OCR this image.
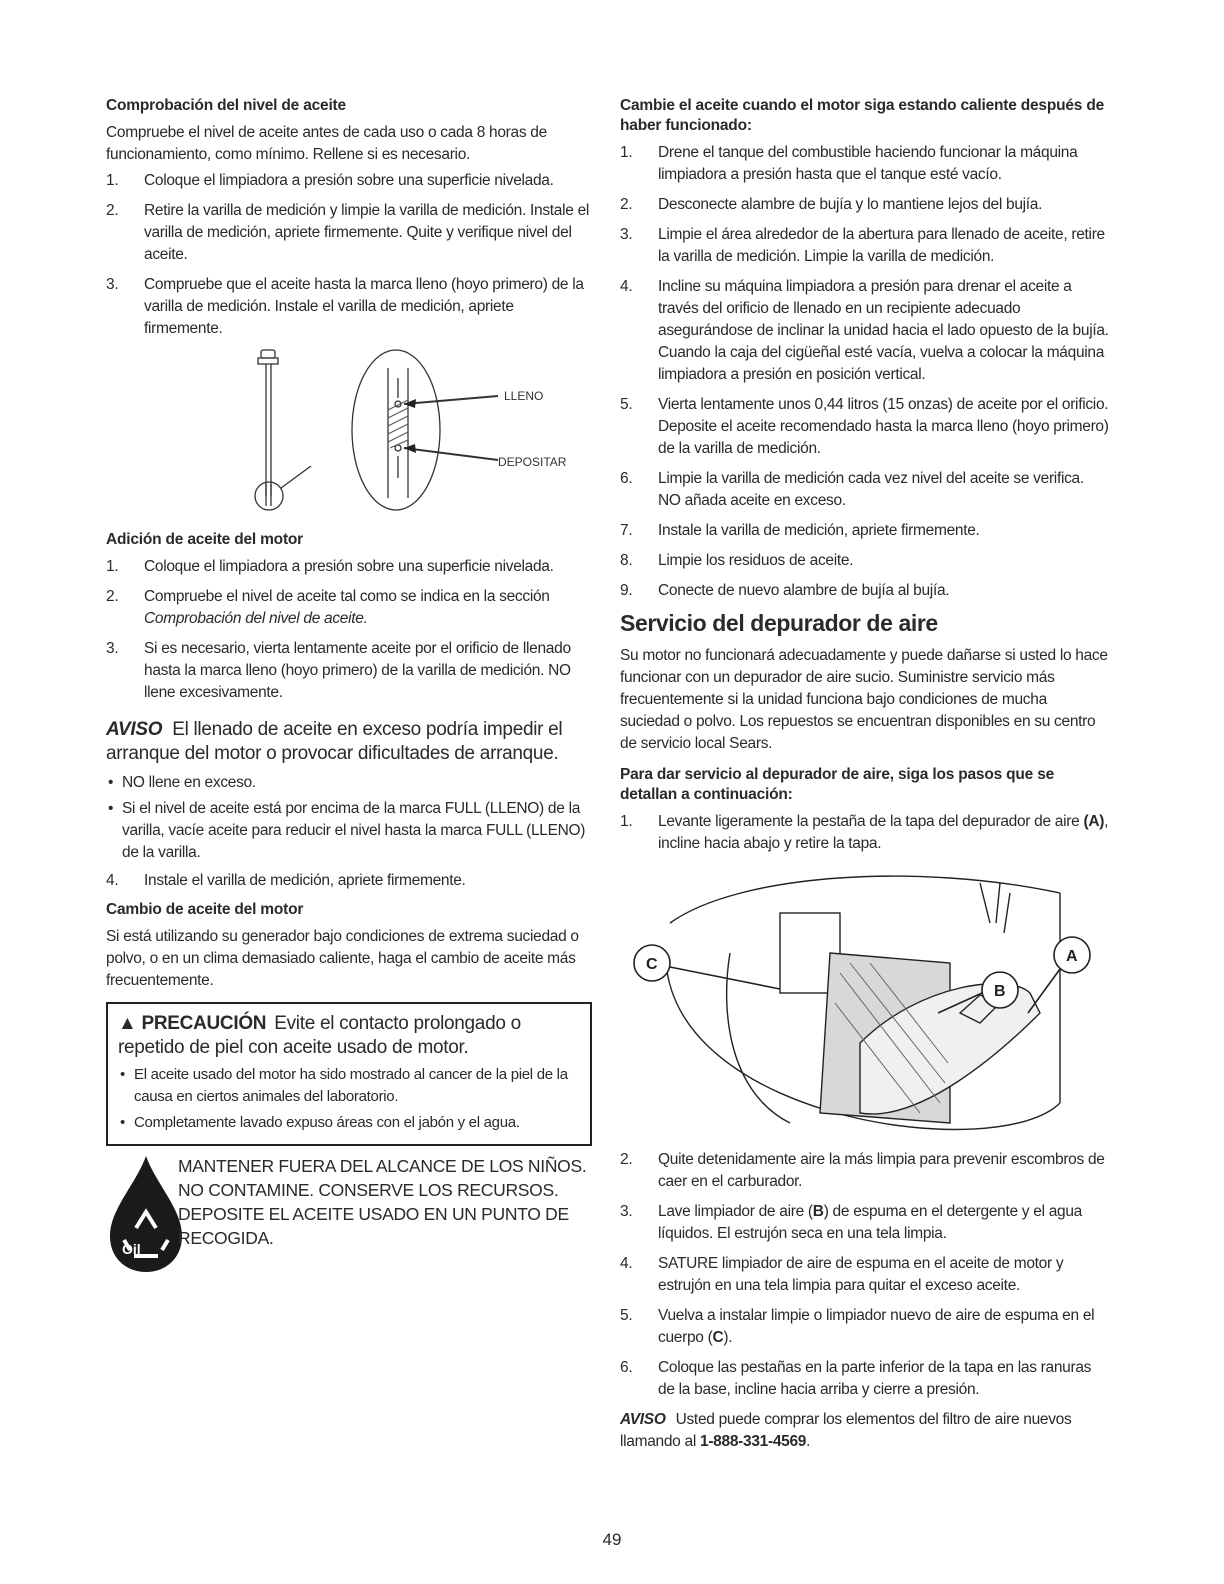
Comprobación del nivel de aceite

Compruebe el nivel de aceite antes de cada uso o cada 8 horas de funcionamiento, como mínimo. Rellene si es necesario.

1. Coloque el limpiadora a presión sobre una superficie nivelada.
2. Retire la varilla de medición y limpie la varilla de medición. Instale el varilla de medición, apriete firmemente. Quite y verifique nivel del aceite.
3. Compruebe que el aceite hasta la marca lleno (hoyo primero) de la varilla de medición. Instale el varilla de medición, apriete firmemente.
LLENO
DEPOSITAR
Adición de aceite del motor
1. Coloque el limpiadora a presión sobre una superficie nivelada.
2. Compruebe el nivel de aceite tal como se indica en la sección
Comprobación del nivel de aceite.
3. Si es necesario, vierta lentamente aceite por el orificio de llenado hasta la marca lleno (hoyo primero) de la varilla de medición. NO llene excesivamente.
AVISO El llenado de aceite en exceso podría impedir el arranque del motor o provocar dificultades de arranque.
• NO llene en exceso.
• Si el nivel de aceite está por encima de la marca FULL (LLENO) de la varilla, vacíe aceite para reducir el nivel hasta la marca FULL (LLENO) de la varilla.
4. Instale el varilla de medición, apriete firmemente.
Cambio de aceite del motor

Si está utilizando su generador bajo condiciones de extrema suciedad o polvo, o en un clima demasiado caliente, haga el cambio de aceite más frecuentemente.

▲ PRECAUCIÓN Evite el contacto prolongado o repetido de piel con aceite usado de motor.
• El aceite usado del motor ha sido mostrado al cancer de la piel de la causa en ciertos animales del laboratorio.
• Completamente lavado expuso áreas con el jabón y el agua.
Oil
MANTENER FUERA DEL ALCANCE DE LOS NIÑOS. NO CONTAMINE. CONSERVE LOS RECURSOS. DEPOSITE EL ACEITE USADO EN UN PUNTO DE RECOGIDA.
Cambie el aceite cuando el motor siga estando caliente después de haber funcionado:
1. Drene el tanque del combustible haciendo funcionar la máquina limpiadora a presión hasta que el tanque esté vacío.
2. Desconecte alambre de bujía y lo mantiene lejos del bujía.
3. Limpie el área alrededor de la abertura para llenado de aceite, retire la varilla de medición. Limpie la varilla de medición.
4. Incline su máquina limpiadora a presión para drenar el aceite a través del orificio de llenado en un recipiente adecuado asegurándose de inclinar la unidad hacia el lado opuesto de la bujía. Cuando la caja del cigüeñal esté vacía, vuelva a colocar la máquina limpiadora a presión en posición vertical.
5. Vierta lentamente unos 0,44 litros (15 onzas) de aceite por el orificio. Deposite el aceite recomendado hasta la marca lleno (hoyo primero) de la varilla de medición.
6. Limpie la varilla de medición cada vez nivel del aceite se verifica. NO añada aceite en exceso.
7. Instale la varilla de medición, apriete firmemente.
8. Limpie los residuos de aceite.
9. Conecte de nuevo alambre de bujía al bujía.
Servicio del depurador de aire

Su motor no funcionará adecuadamente y puede dañarse si usted lo hace funcionar con un depurador de aire sucio. Suministre servicio más frecuentemente si la unidad funciona bajo condiciones de mucha suciedad o polvo. Los repuestos se encuentran disponibles en su centro de servicio local Sears.

Para dar servicio al depurador de aire, siga los pasos que se detallan a continuación:
1. Levante ligeramente la pestaña de la tapa del depurador de aire (A), incline hacia abajo y retire la tapa.
C
B
A
2. Quite detenidamente aire la más limpia para prevenir escombros de caer en el carburador.
3. Lave limpiador de aire (B) de espuma en el detergente y el agua líquidos. El estrujón seca en una tela limpia.
4. SATURE limpiador de aire de espuma en el aceite de motor y estrujón en una tela limpia para quitar el exceso aceite.
5. Vuelva a instalar limpie o limpiador nuevo de aire de espuma en el cuerpo (C).
6. Coloque las pestañas en la parte inferior de la tapa en las ranuras de la base, incline hacia arriba y cierre a presión.
AVISO Usted puede comprar los elementos del filtro de aire nuevos llamando al 1-888-331-4569.
49
